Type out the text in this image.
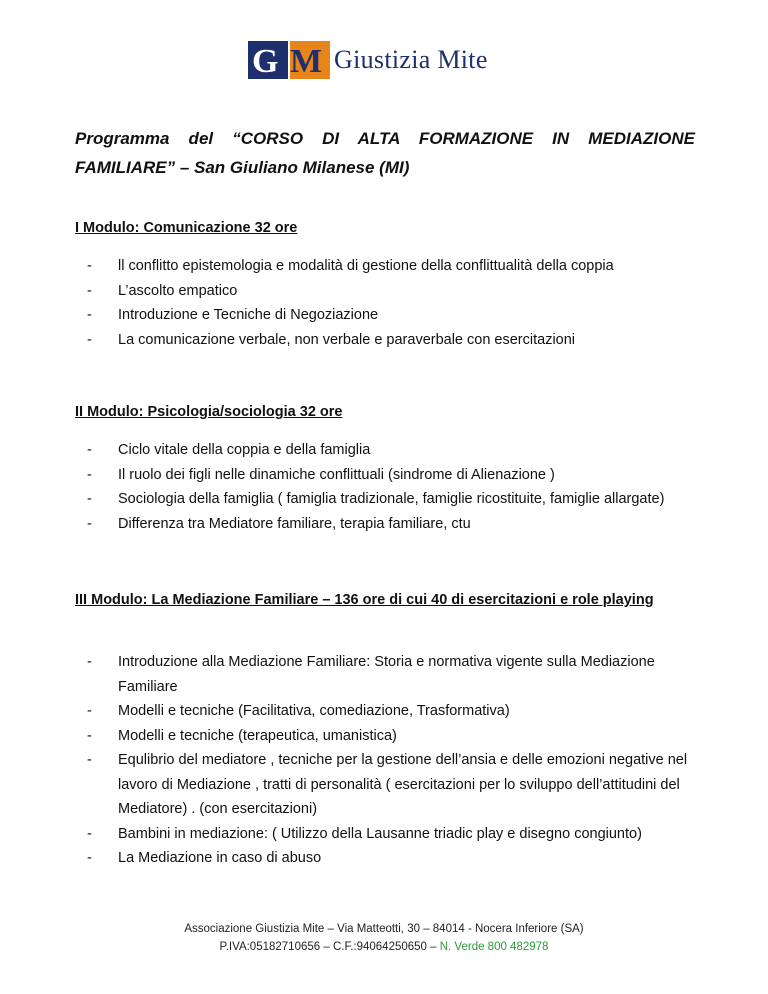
G M Giustizia Mite
Programma del “CORSO DI ALTA FORMAZIONE IN MEDIAZIONE FAMILIARE” – San Giuliano Milanese (MI)
I Modulo: Comunicazione 32 ore
- ll conflitto epistemologia e modalità di gestione della conflittualità della coppia
- L’ascolto empatico
- Introduzione e Tecniche di Negoziazione
- La comunicazione verbale, non verbale e paraverbale con esercitazioni
II Modulo: Psicologia/sociologia 32 ore
- Ciclo vitale della coppia e della famiglia
- Il ruolo dei figli nelle dinamiche conflittuali (sindrome di Alienazione )
- Sociologia della famiglia ( famiglia tradizionale, famiglie ricostituite, famiglie allargate)
- Differenza tra Mediatore familiare, terapia familiare, ctu
III Modulo: La Mediazione Familiare – 136 ore di cui 40 di esercitazioni e role playing
- Introduzione alla Mediazione Familiare: Storia e normativa vigente sulla Mediazione Familiare
- Modelli e tecniche (Facilitativa, comediazione, Trasformativa)
- Modelli e tecniche (terapeutica, umanistica)
- Equlibrio del mediatore , tecniche per la gestione dell’ansia e delle emozioni negative nel lavoro di Mediazione , tratti di personalità ( esercitazioni per lo sviluppo dell’attitudini del Mediatore) . (con esercitazioni)
- Bambini in mediazione: ( Utilizzo della Lausanne triadic play e disegno congiunto)
- La Mediazione in caso di abuso
Associazione Giustizia Mite – Via Matteotti, 30 – 84014 - Nocera Inferiore (SA)
P.IVA:05182710656 – C.F.:94064250650 – N. Verde 800 482978
